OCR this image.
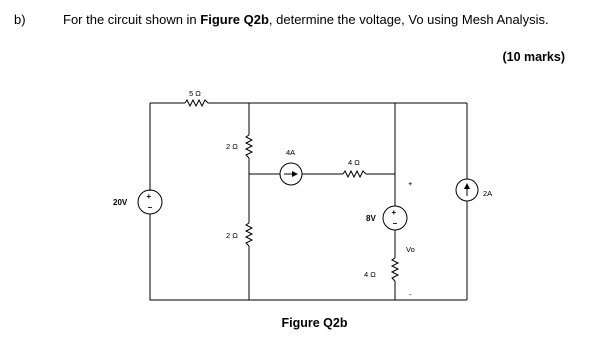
b)	For the circuit shown in Figure Q2b, determine the voltage, Vo using Mesh Analysis.
(10 marks)
+
−
+
−
5 Ω
2 Ω
2 Ω
4A
4 Ω
20V
8V
4 Ω
2A
+
Vo
-
Figure Q2b
